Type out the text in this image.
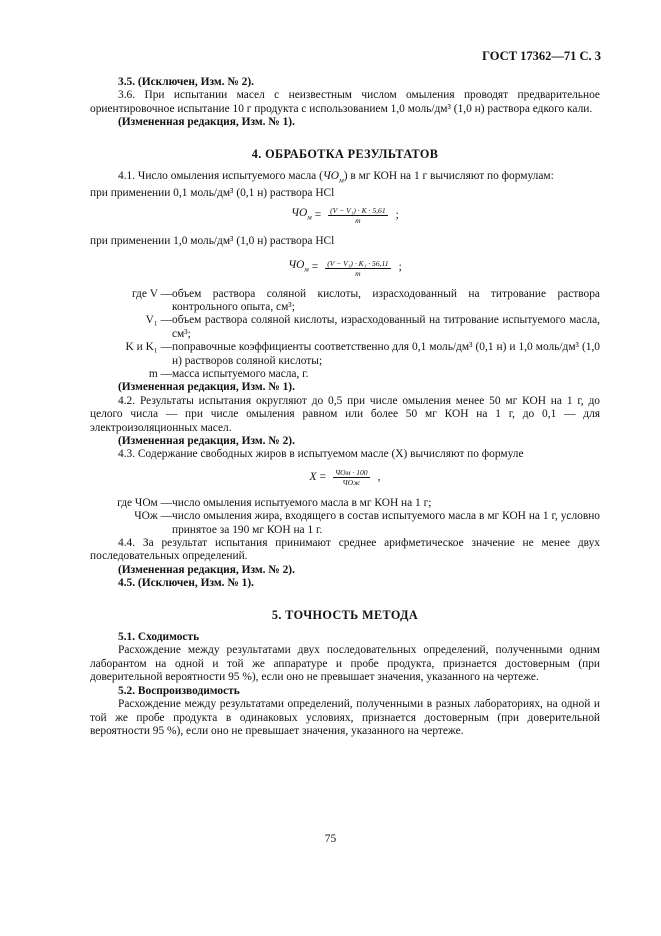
ГОСТ 17362—71 С. 3

3.5. (Исключен, Изм. № 2).

3.6. При испытании масел с неизвестным числом омыления проводят предварительное ориентировочное испытание 10 г продукта с использованием 1,0 моль/дм³ (1,0 н) раствора едкого кали.

(Измененная редакция, Изм. № 1).

4. ОБРАБОТКА РЕЗУЛЬТАТОВ

4.1. Число омыления испытуемого масла $(ЧО_м)$ в мг КОН на 1 г вычисляют по формулам:

при применении 0,1 моль/дм³ (0,1 н) раствора HCl

$ЧО_м = \frac{\text{(V − V₁) · K · 5,61}}{m}$ ;

при применении 1,0 моль/дм³ (1,0 н) раствора HCl

$ЧО_м = \frac{\text{(V − V₁) · K₁ · 56,11}}{m}$ ;
где V — объем раствора соляной кислоты, израсходованный на титрование раствора контрольного опыта, см³;
V₁ — объем раствора соляной кислоты, израсходованный на титрование испытуемого масла, см³;
K и K₁ — поправочные коэффициенты соответственно для 0,1 моль/дм³ (0,1 н) и 1,0 моль/дм³ (1,0 н) растворов соляной кислоты;
m — масса испытуемого масла, г.

(Измененная редакция, Изм. № 1).

4.2. Результаты испытания округляют до 0,5 при числе омыления менее 50 мг КОН на 1 г, до целого числа — при числе омыления равном или более 50 мг КОН на 1 г, до 0,1 — для электроизоляционных масел.

(Измененная редакция, Изм. № 2).

4.3. Содержание свободных жиров в испытуемом масле (X) вычисляют по формуле

$X = \frac{\text{ЧОм · 100}}{\text{ЧОж}}$ ,
где ЧОм — число омыления испытуемого масла в мг КОН на 1 г;
ЧОж — число омыления жира, входящего в состав испытуемого масла в мг КОН на 1 г, условно принятое за 190 мг КОН на 1 г.

4.4. За результат испытания принимают среднее арифметическое значение не менее двух последовательных определений.

(Измененная редакция, Изм. № 2).

4.5. (Исключен, Изм. № 1).

5. ТОЧНОСТЬ МЕТОДА

5.1. Сходимость

Расхождение между результатами двух последовательных определений, полученными одним лаборантом на одной и той же аппаратуре и пробе продукта, признается достоверным (при доверительной вероятности 95 %), если оно не превышает значения, указанного на чертеже.

5.2. Воспроизводимость

Расхождение между результатами определений, полученными в разных лабораториях, на одной и той же пробе продукта в одинаковых условиях, признается достоверным (при доверительной вероятности 95 %), если оно не превышает значения, указанного на чертеже.

75
